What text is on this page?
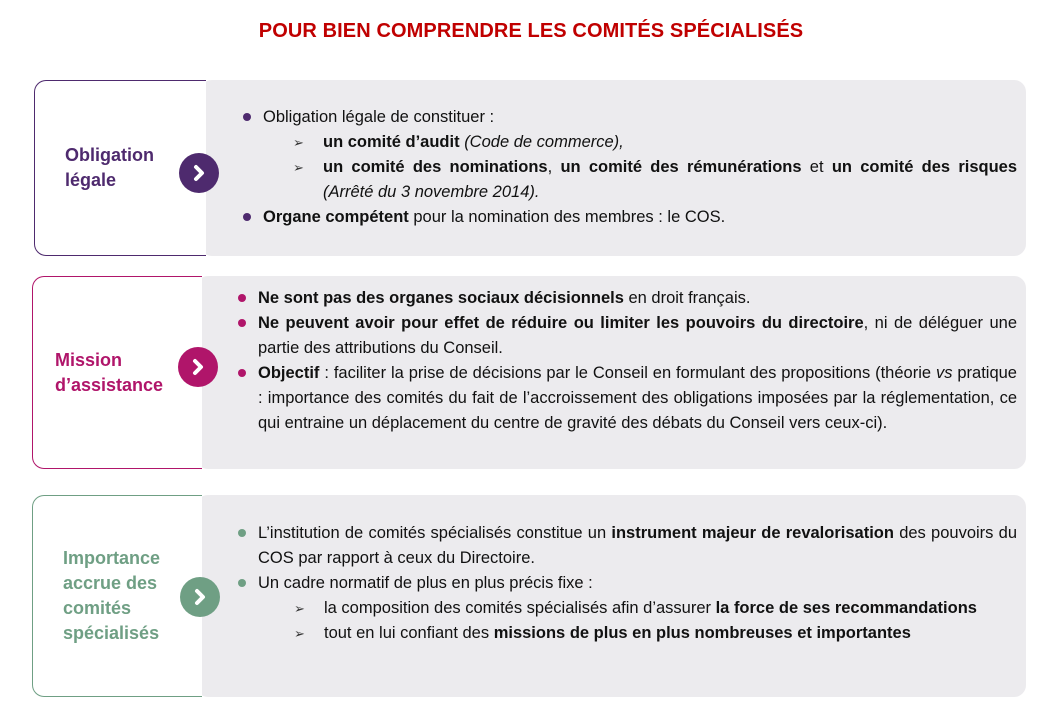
POUR BIEN COMPRENDRE LES COMITÉS SPÉCIALISÉS
Obligation
légale
Obligation légale de constituer :
➢ un comité d’audit (Code de commerce),
➢ un comité des nominations, un comité des rémunérations et un comité des risques (Arrêté du 3 novembre 2014).
Organe compétent pour la nomination des membres : le COS.
Mission
d’assistance
Ne sont pas des organes sociaux décisionnels en droit français.
Ne peuvent avoir pour effet de réduire ou limiter les pouvoirs du directoire, ni de déléguer une partie des attributions du Conseil.
Objectif : faciliter la prise de décisions par le Conseil en formulant des propositions (théorie vs pratique : importance des comités du fait de l’accroissement des obligations imposées par la réglementation, ce qui entraine un déplacement du centre de gravité des débats du Conseil vers ceux-ci).
Importance
accrue des
comités
spécialisés
L’institution de comités spécialisés constitue un instrument majeur de revalorisation des pouvoirs du COS par rapport à ceux du Directoire.
Un cadre normatif de plus en plus précis fixe :
➢ la composition des comités spécialisés afin d’assurer la force de ses recommandations
➢ tout en lui confiant des missions de plus en plus nombreuses et importantes
